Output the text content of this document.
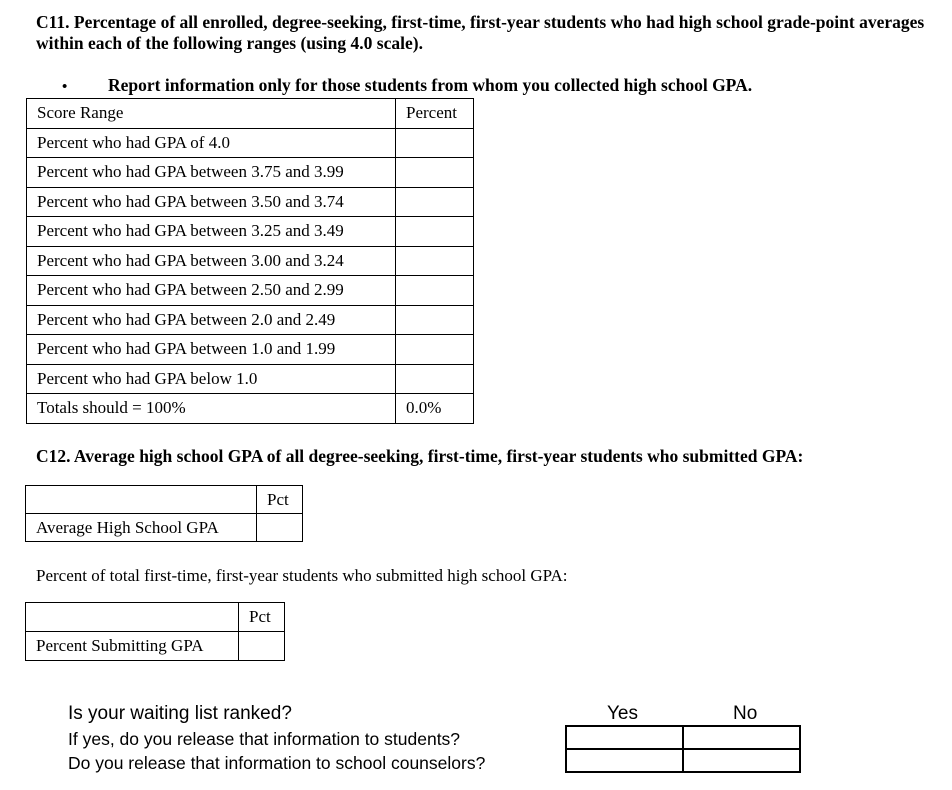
C11. Percentage of all enrolled, degree-seeking, first-time, first-year students who had high school grade-point averages within each of the following ranges (using 4.0 scale).
• Report information only for those students from whom you collected high school GPA.
Score Range	Percent
Percent who had GPA of 4.0	
Percent who had GPA between 3.75 and 3.99	
Percent who had GPA between 3.50 and 3.74	
Percent who had GPA between 3.25 and 3.49	
Percent who had GPA between 3.00 and 3.24	
Percent who had GPA between 2.50 and 2.99	
Percent who had GPA between 2.0 and 2.49	
Percent who had GPA between 1.0 and 1.99	
Percent who had GPA below 1.0	
Totals should = 100%	0.0%
C12. Average high school GPA of all degree-seeking, first-time, first-year students who submitted GPA:
	Pct
Average High School GPA	
Percent of total first-time, first-year students who submitted high school GPA:
	Pct
Percent Submitting GPA	
Is your waiting list ranked?
If yes, do you release that information to students?
Do you release that information to school counselors?
Yes	No
